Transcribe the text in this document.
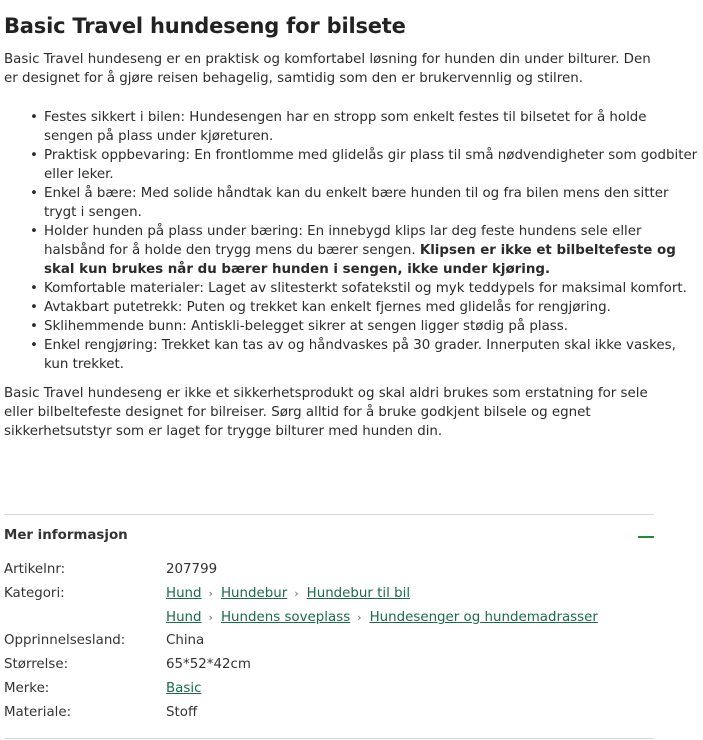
Basic Travel hundeseng for bilsete

Basic Travel hundeseng er en praktisk og komfortabel løsning for hunden din under bilturer. Den er designet for å gjøre reisen behagelig, samtidig som den er brukervennlig og stilren.

• Festes sikkert i bilen: Hundesengen har en stropp som enkelt festes til bilsetet for å holde sengen på plass under kjøreturen.
• Praktisk oppbevaring: En frontlomme med glidelås gir plass til små nødvendigheter som godbiter eller leker.
• Enkel å bære: Med solide håndtak kan du enkelt bære hunden til og fra bilen mens den sitter trygt i sengen.
• Holder hunden på plass under bæring: En innebygd klips lar deg feste hundens sele eller halsbånd for å holde den trygg mens du bærer sengen. Klipsen er ikke et bilbeltefeste og skal kun brukes når du bærer hunden i sengen, ikke under kjøring.
• Komfortable materialer: Laget av slitesterkt sofatekstil og myk teddypels for maksimal komfort.
• Avtakbart putetrekk: Puten og trekket kan enkelt fjernes med glidelås for rengjøring.
• Sklihemmende bunn: Antiskli-belegget sikrer at sengen ligger stødig på plass.
• Enkel rengjøring: Trekket kan tas av og håndvaskes på 30 grader. Innerputen skal ikke vaskes, kun trekket.

Basic Travel hundeseng er ikke et sikkerhetsprodukt og skal aldri brukes som erstatning for sele eller bilbeltefeste designet for bilreiser. Sørg alltid for å bruke godkjent bilsele og egnet sikkerhetsutstyr som er laget for trygge bilturer med hunden din.

Mer informasjon
Artikelnr:	207799
Kategori:	Hund › Hundebur › Hundebur til bil
Hund › Hundens soveplass › Hundesenger og hundemadrasser
Opprinnelsesland:	China
Størrelse:	65*52*42cm
Merke:	Basic
Materiale:	Stoff
